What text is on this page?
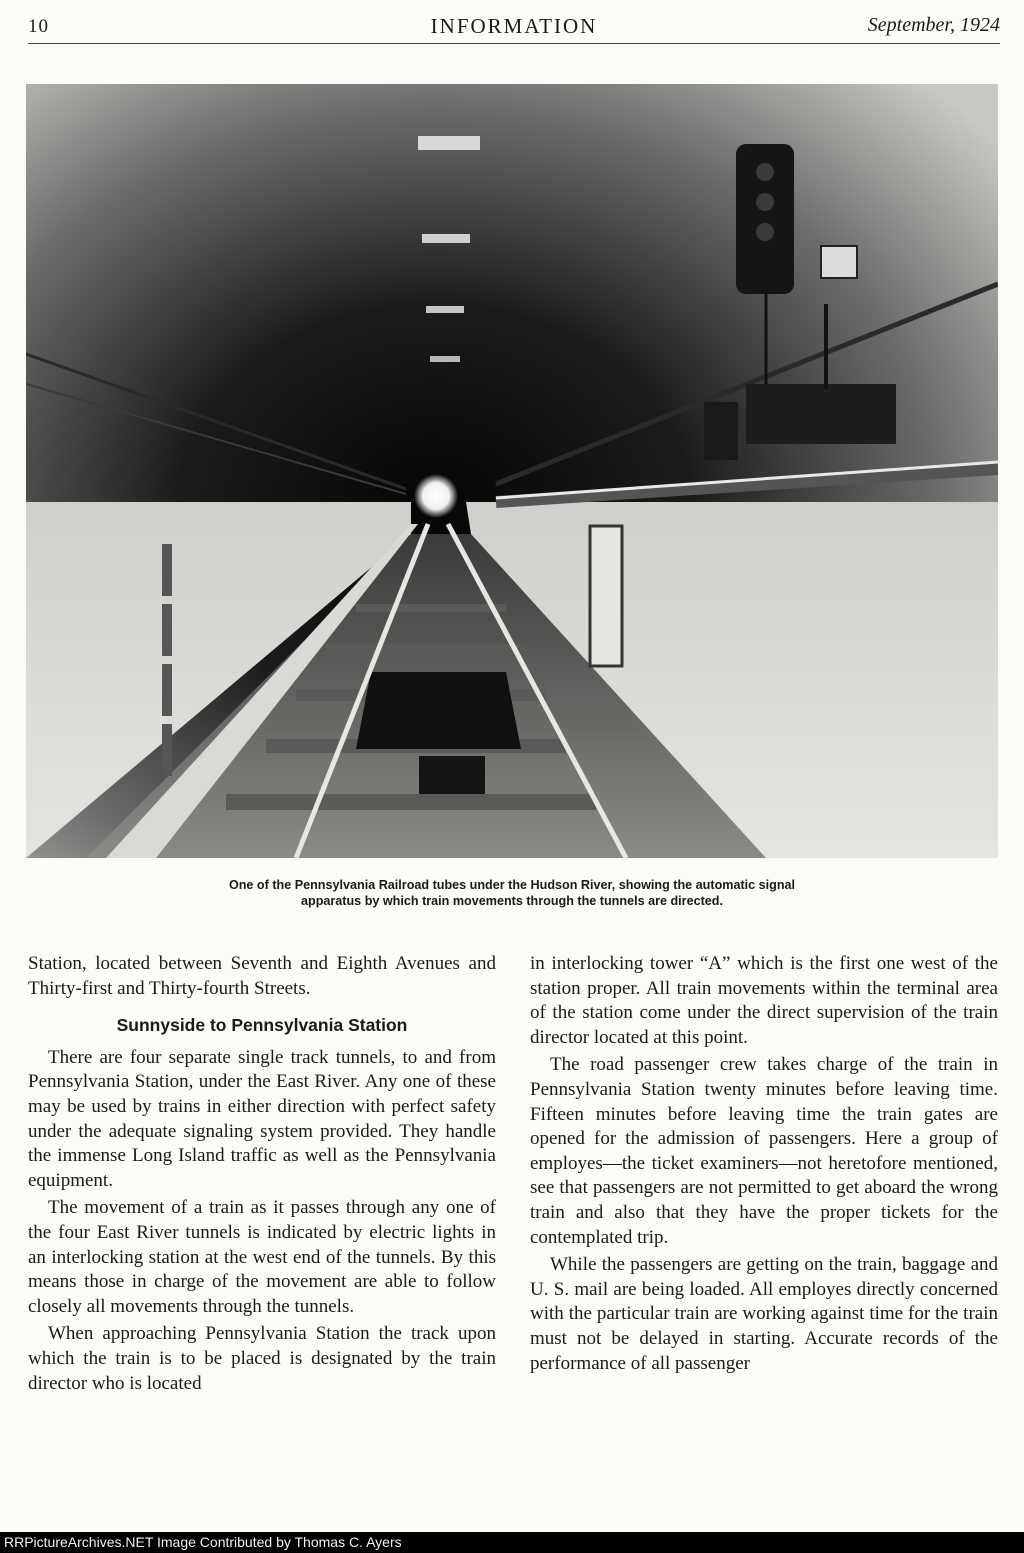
10	INFORMATION	September, 1924
One of the Pennsylvania Railroad tubes under the Hudson River, showing the automatic signal
apparatus by which train movements through the tunnels are directed.

Station, located between Seventh and Eighth Avenues and Thirty-first and Thirty-fourth Streets.

Sunnyside to Pennsylvania Station

There are four separate single track tunnels, to and from Pennsylvania Station, under the East River. Any one of these may be used by trains in either direction with perfect safety under the adequate signaling system provided. They handle the immense Long Island traffic as well as the Pennsylvania equipment.

The movement of a train as it passes through any one of the four East River tunnels is indicated by electric lights in an interlocking station at the west end of the tunnels. By this means those in charge of the movement are able to follow closely all movements through the tunnels.

When approaching Pennsylvania Station the track upon which the train is to be placed is designated by the train director who is located

in interlocking tower “A” which is the first one west of the station proper. All train movements within the terminal area of the station come under the direct supervision of the train director located at this point.

The road passenger crew takes charge of the train in Pennsylvania Station twenty minutes before leaving time. Fifteen minutes before leaving time the train gates are opened for the admission of passengers. Here a group of employes—the ticket examiners—not heretofore mentioned, see that passengers are not permitted to get aboard the wrong train and also that they have the proper tickets for the contemplated trip.

While the passengers are getting on the train, baggage and U. S. mail are being loaded. All employes directly concerned with the particular train are working against time for the train must not be delayed in starting. Accurate records of the performance of all passenger

RRPictureArchives.NET Image Contributed by Thomas C. Ayers
